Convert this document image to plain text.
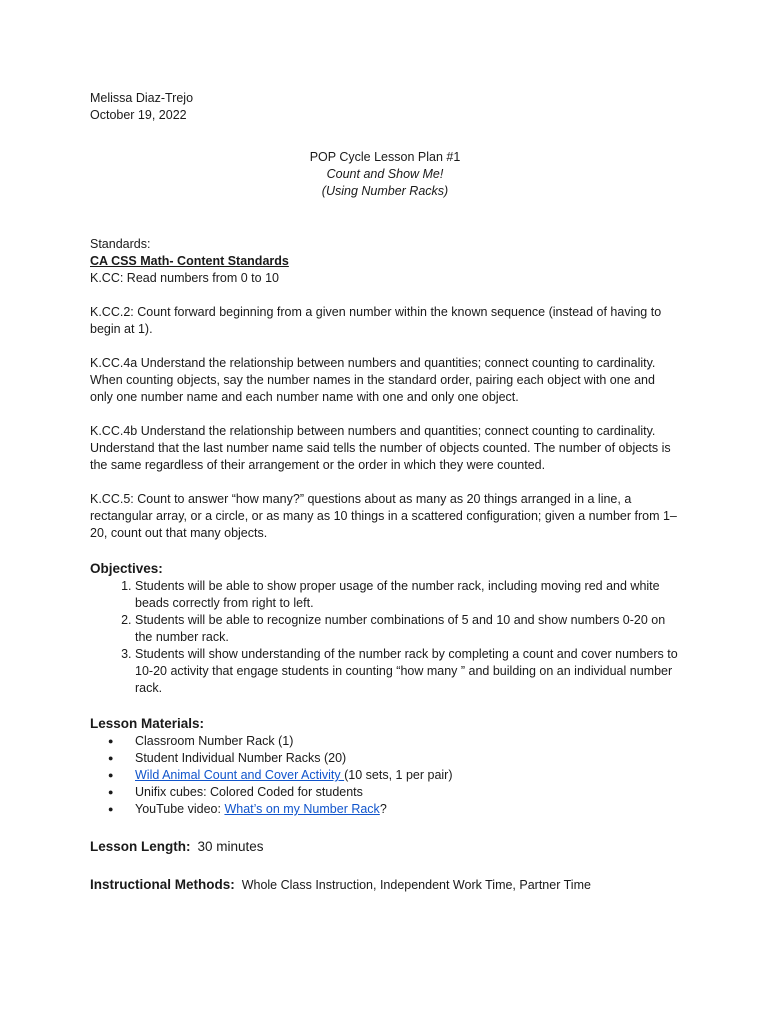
Melissa Diaz-Trejo
October 19, 2022
POP Cycle Lesson Plan #1
Count and Show Me!
(Using Number Racks)
Standards:
CA CSS Math- Content Standards

K.CC: Read numbers from 0 to 10

K.CC.2: Count forward beginning from a given number within the known sequence (instead of having to begin at 1).

K.CC.4a Understand the relationship between numbers and quantities; connect counting to cardinality. When counting objects, say the number names in the standard order, pairing each object with one and only one number name and each number name with one and only one object.

K.CC.4b Understand the relationship between numbers and quantities; connect counting to cardinality. Understand that the last number name said tells the number of objects counted. The number of objects is the same regardless of their arrangement or the order in which they were counted.

K.CC.5: Count to answer “how many?” questions about as many as 20 things arranged in a line, a rectangular array, or a circle, or as many as 10 things in a scattered configuration; given a number from 1–20, count out that many objects.

Objectives:

1. Students will be able to show proper usage of the number rack, including moving red and white beads correctly from right to left.
2. Students will be able to recognize number combinations of 5 and 10 and show numbers 0-20 on the number rack.
3. Students will show understanding of the number rack by completing a count and cover numbers to 10-20 activity that engage students in counting “how many ” and building on an individual number rack.

Lesson Materials:

● Classroom Number Rack (1)
● Student Individual Number Racks (20)
● Wild Animal Count and Cover Activity (10 sets, 1 per pair)
● Unifix cubes: Colored Coded for students
● YouTube video: What’s on my Number Rack?
Lesson Length: 30 minutes
Instructional Methods: Whole Class Instruction, Independent Work Time, Partner Time
